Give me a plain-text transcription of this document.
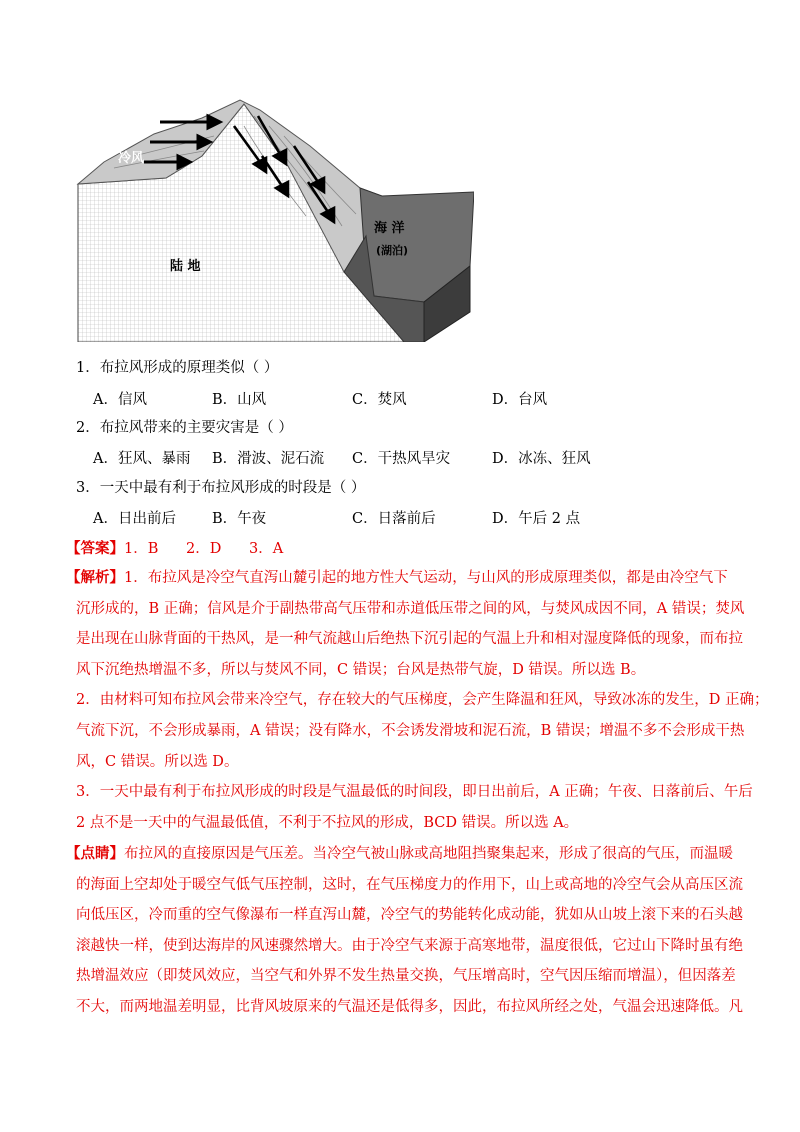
冷风
陆 地
海 洋
(湖泊)
1．布拉风形成的原理类似（ ）
A．信风	B．山风	C．焚风	D．台风
2．布拉风带来的主要灾害是（ ）
A．狂风、暴雨 B．滑波、泥石流 C．干热风旱灾	D．冰冻、狂风
3．一天中最有利于布拉风形成的时段是（ ）
A．日出前后 B．午夜	C．日落前后	D．午后 2 点
【答案】1．B      2．D      3．A
【解析】1．布拉风是冷空气直泻山麓引起的地方性大气运动，与山风的形成原理类似，都是由冷空气下
沉形成的，B 正确；信风是介于副热带高气压带和赤道低压带之间的风，与焚风成因不同，A 错误；焚风
是出现在山脉背面的干热风，是一种气流越山后绝热下沉引起的气温上升和相对湿度降低的现象，而布拉
风下沉绝热增温不多，所以与焚风不同，C 错误；台风是热带气旋，D 错误。所以选 B。
2．由材料可知布拉风会带来冷空气，存在较大的气压梯度，会产生降温和狂风，导致冰冻的发生，D 正确；
气流下沉，不会形成暴雨，A 错误；没有降水，不会诱发滑坡和泥石流，B 错误；增温不多不会形成干热
风，C 错误。所以选 D。
3．一天中最有利于布拉风形成的时段是气温最低的时间段，即日出前后，A 正确；午夜、日落前后、午后
2 点不是一天中的气温最低值，不利于不拉风的形成，BCD 错误。所以选 A。
【点睛】布拉风的直接原因是气压差。当冷空气被山脉或高地阻挡聚集起来，形成了很高的气压，而温暖
的海面上空却处于暖空气低气压控制，这时，在气压梯度力的作用下，山上或高地的冷空气会从高压区流
向低压区，冷而重的空气像瀑布一样直泻山麓，冷空气的势能转化成动能，犹如从山坡上滚下来的石头越
滚越快一样，使到达海岸的风速骤然增大。由于冷空气来源于高寒地带，温度很低，它过山下降时虽有绝
热增温效应（即焚风效应，当空气和外界不发生热量交换，气压增高时，空气因压缩而增温），但因落差
不大，而两地温差明显，比背风坡原来的气温还是低得多，因此，布拉风所经之处，气温会迅速降低。凡
